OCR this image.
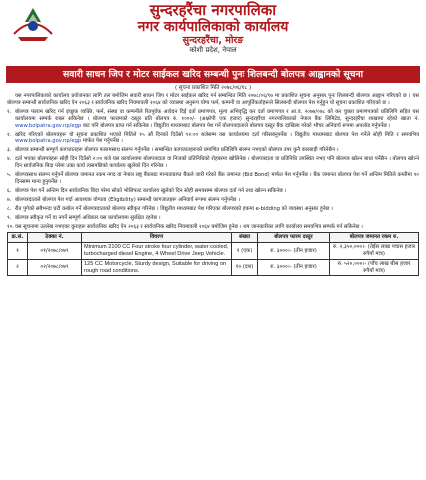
सुन्दरहरैंचा नगरपालिका
नगर कार्यपालिकाको कार्यालय
सुन्दरहरैंचा, मोरङ
कोशी प्रदेश, नेपाल
सवारी साधन जिप र मोटर साईकल खरिद सम्बन्धी पुनः शिलबन्दी बोलपत्र आह्वानको सूचना
( सूचना प्रकाशित मिति २०७८/०६/१८ )

यस नगरपालिकाको कार्यालय प्रयोजनका लागि तल बमोजिम सवारी साधन जिप र मोटर साईकल खरिद गर्न सम्बन्धित मिति २०७८/०६/१७ मा प्रकाशित सूचना अनुसार पुनः शिलबन्दी बोलपत्र आह्वान गरिएको छ । यस बोलपत्र सम्बन्धी सार्वजनिक खरिद ऐन २०६३ र सार्वजनिक खरिद नियमावली २०६४ को व्यवस्था अनुरूप योग्य फर्म, कम्पनी वा आपूर्तिकर्ताहरूले सिलबन्दी बोलपत्र पेश गर्नुहुन यो सूचना प्रकाशित गरिएको छ ।

१. बोलपत्र फाराम खरिद गर्न इच्छुक व्यक्ति, फर्म, संस्था वा कम्पनीले रितपूर्वक आवेदन दिई दर्ता प्रमाणपत्र, मूल्य अभिवृद्धि कर दर्ता प्रमाणपत्र र आ.व. २०७७/०७८ को कर चुक्ता प्रमाणपत्रको प्रतिलिपि सहित यस कार्यालयमा सम्पर्क राख्न सकिनेछ । बोलपत्र फारामको दस्तुर प्रति बोलपत्र रु. १०००/- (अक्षरेपी एक हजार) सुन्दरहरैंचा नगरपालिकाको नेपाल बैंक लिमिटेड, सुन्दरहरैंचा शाखामा रहेको खाता नं. www.bolpatra.gov.np/egp बाट पनि बोलपत्र प्राप्त गर्न सकिनेछ । विद्युतीय माध्यमबाट बोलपत्र पेश गर्ने बोलपत्रदाताले बोलपत्र दस्तुर बैंक दाखिला गरेको भौचर अनिवार्य रूपमा अपलोड गर्नुपर्नेछ ।

२. खरिद गरिएको बोलपत्रहरू यो सूचना प्रकाशित भएको मितिले १५ औं दिनको दिउँसो १२:०० बजेसम्म यस कार्यालयमा दर्ता गरिसक्नुपर्नेछ । विद्युतीय माध्यमबाट बोलपत्र पेश गर्नेले सोही मिति र समयभित्र www.bolpatra.gov.np/egp मार्फत पेश गर्नुपर्नेछ ।

३. बोलपत्र सम्बन्धी सम्पूर्ण कागजातहरू बोलपत्र फारामसाथ संलग्न गर्नुपर्नेछ । सम्बन्धित कागजातहरूको प्रमाणित प्रतिलिपि संलग्न नभएको बोलपत्र उपर कुनै कारबाही गरिनेछैन ।

४. दर्ता भएका बोलपत्रहरू सोही दिन दिउँसो २:०० बजे यस कार्यालयमा बोलपत्रदाता वा निजको प्रतिनिधिको रोहबरमा खोलिनेछ । बोलपत्रदाता वा प्रतिनिधि उपस्थित नभए पनि बोलपत्र खोल्न बाधा पर्नेछैन । बोलपत्र खोल्ने दिन सार्वजनिक बिदा परेमा उक्त कार्य त्यसपछिको कार्यालय खुलेको दिन गरिनेछ ।

५. बोलपत्रसाथ संलग्न गर्नुपर्ने बोलपत्र जमानत रकम नगद वा नेपाल राष्ट्र बैंकबाट मान्यताप्राप्त बैंकले जारी गरेको बैंक जमानत (Bid Bond) मार्फत पेश गर्नुपर्नेछ । बैंक जमानत बोलपत्र पेश गर्ने अन्तिम मितिले कम्तीमा ९० दिनसम्म मान्य हुनुपर्नेछ ।

६. बोलपत्र पेश गर्ने अन्तिम दिन सार्वजनिक बिदा परेमा सोको भोलिपल्ट कार्यालय खुलेको दिन सोही समयसम्म बोलपत्र दर्ता गर्न तथा खोल्न सकिनेछ ।

७. बोलपत्रदाताले बोलपत्र पेश गर्दा आवश्यक योग्यता (Eligibility) सम्बन्धी कागजातहरू अनिवार्य रूपमा संलग्न गर्नुपर्नेछ ।

८. रीत पुगेको सबैभन्दा घटी कबोल गर्ने बोलपत्रदाताको बोलपत्र स्वीकृत गरिनेछ । विद्युतीय माध्यमबाट पेश गरिएका बोलपत्रको हकमा e-bidding को व्यवस्था अनुसार हुनेछ ।

९. बोलपत्र स्वीकृत गर्ने वा नगर्ने सम्पूर्ण अधिकार यस कार्यालयमा सुरक्षित रहनेछ ।

१०. यस सूचनामा उल्लेख नभएका कुराहरू सार्वजनिक खरिद ऐन २०६३ र सार्वजनिक खरिद नियमावली २०६४ बमोजिम हुनेछ । थप जानकारीका लागि कार्यालय समयभित्र सम्पर्क गर्न सकिनेछ ।

क्र.सं.	ठेक्का नं.	विवरण	संख्या	बोलपत्र फारम दस्तुर	बोलपत्र जमानत रकम रु.
१	०१/२०७८/०७९	Minimum 2100 CC Four stroke four cylinder, water cooled, turbocharged diesel Engine, 4 Wheel Drive Jeep Vehicle.	१ (एक)	रु. ३०००।- (तीन हजार)	रु. २,३५०,०००।- (तेईस लाख पचास हजार रुपैयाँ मात्र)
२	०२/२०७८/०७९	125 CC Motorcycle, Sturdy design, Suitable for driving on rough road conditions.	१० (दश)	रु. ३०००।- (तीन हजार)	रु. ५२०,०००।- (पाँच लाख बीस हजार रुपैयाँ मात्र)
